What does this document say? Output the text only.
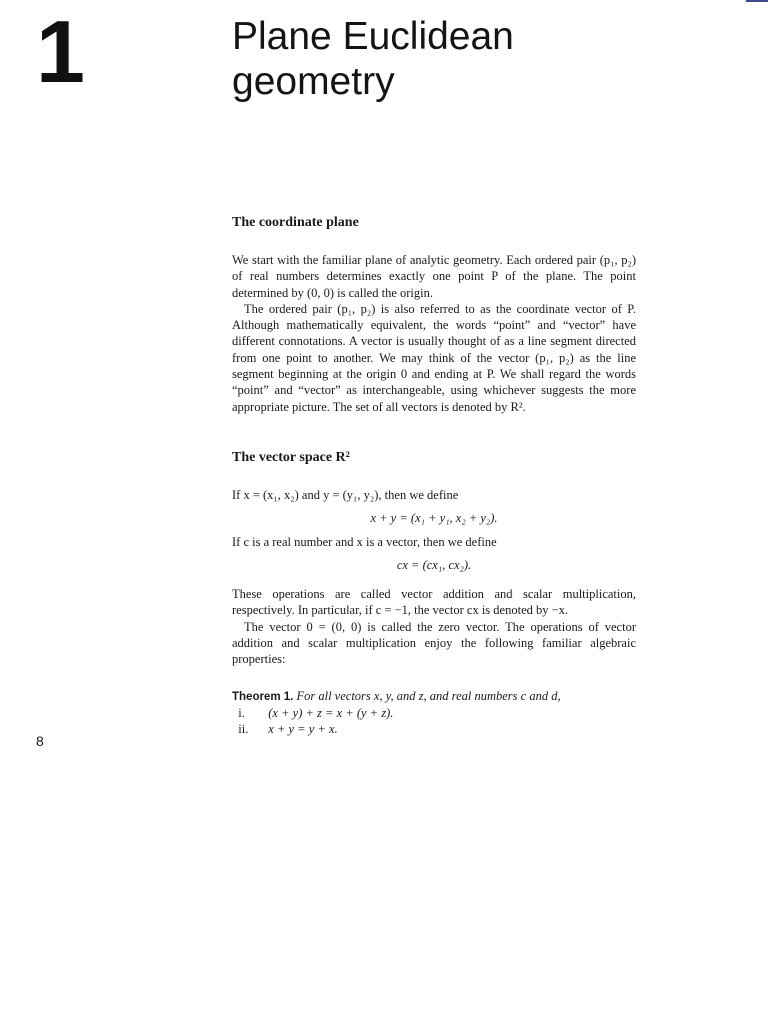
1	Plane Euclidean
geometry
The coordinate plane

We start with the familiar plane of analytic geometry. Each ordered pair (p₁, p₂) of real numbers determines exactly one point P of the plane. The point determined by (0, 0) is called the origin.

The ordered pair (p₁, p₂) is also referred to as the coordinate vector of P. Although mathematically equivalent, the words “point” and “vector” have different connotations. A vector is usually thought of as a line segment directed from one point to another. We may think of the vector (p₁, p₂) as the line segment beginning at the origin 0 and ending at P. We shall regard the words “point” and “vector” as interchangeable, using whichever suggests the more appropriate picture. The set of all vectors is denoted by R².

The vector space R²

If x = (x₁, x₂) and y = (y₁, y₂), then we define

x + y = (x₁ + y₁, x₂ + y₂).

If c is a real number and x is a vector, then we define

cx = (cx₁, cx₂).

These operations are called vector addition and scalar multiplication, respectively. In particular, if c = −1, the vector cx is denoted by −x.

The vector 0 = (0, 0) is called the zero vector. The operations of vector addition and scalar multiplication enjoy the following familiar algebraic properties:

Theorem 1. For all vectors x, y, and z, and real numbers c and d,
i. (x + y) + z = x + (y + z).
ii. x + y = y + x.
8
